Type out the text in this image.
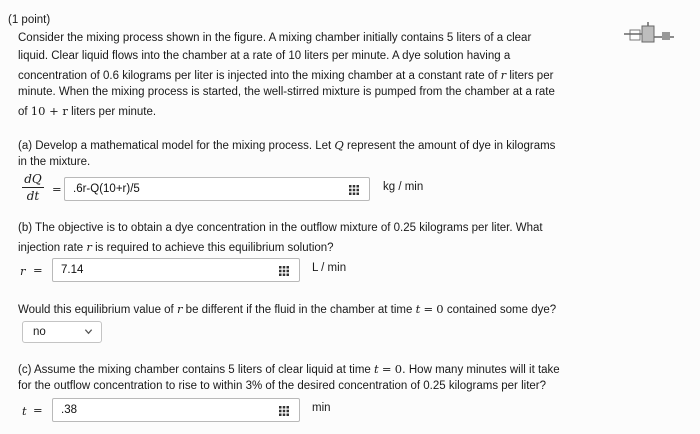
(1 point)
Consider the mixing process shown in the figure. A mixing chamber initially contains 5 liters of a clear
liquid. Clear liquid flows into the chamber at a rate of 10 liters per minute. A dye solution having a
concentration of 0.6 kilograms per liter is injected into the mixing chamber at a constant rate of r liters per
minute. When the mixing process is started, the well-stirred mixture is pumped from the chamber at a rate
of 10 + r liters per minute.
(a) Develop a mathematical model for the mixing process. Let Q represent the amount of dye in kilograms
in the mixture.
dQ
dt	= .6r-Q(10+r)/5	kg / min
(b) The objective is to obtain a dye concentration in the outflow mixture of 0.25 kilograms per liter. What
injection rate r is required to achieve this equilibrium solution?
r = 7.14	L / min
Would this equilibrium value of r be different if the fluid in the chamber at time t = 0 contained some dye?
no
(c) Assume the mixing chamber contains 5 liters of clear liquid at time t = 0. How many minutes will it take
for the outflow concentration to rise to within 3% of the desired concentration of 0.25 kilograms per liter?
t = .38	min
